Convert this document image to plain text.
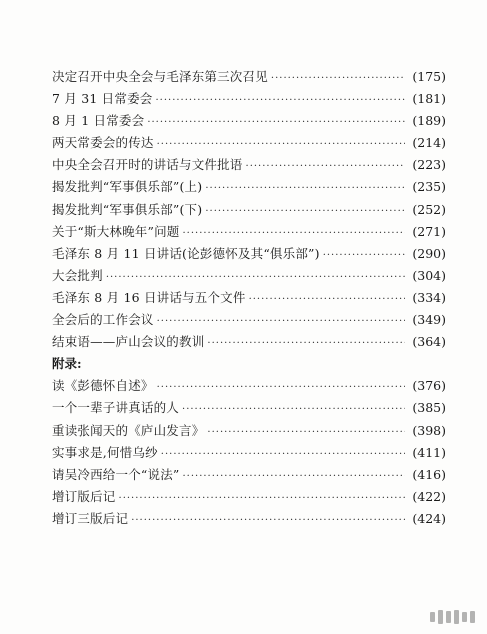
决定召开中央全会与毛泽东第三次召见 ·····	(175)
7 月 31 日常委会 ·····	(181)
8 月 1 日常委会 ·····	(189)
两天常委会的传达 ·····	(214)
中央全会召开时的讲话与文件批语 ·····	(223)
揭发批判“军事俱乐部”(上) ·····	(235)
揭发批判“军事俱乐部”(下) ·····	(252)
关于“斯大林晚年”问题 ·····	(271)
毛泽东 8 月 11 日讲话(论彭德怀及其“俱乐部”) ·····	(290)
大会批判 ·····	(304)
毛泽东 8 月 16 日讲话与五个文件 ·····	(334)
全会后的工作会议 ·····	(349)
结束语——庐山会议的教训 ·····	(364)
附录:
读《彭德怀自述》 ·····	(376)
一个一辈子讲真话的人 ·····	(385)
重读张闻天的《庐山发言》 ·····	(398)
实事求是,何惜乌纱 ·····	(411)
请吴冷西给一个“说法” ·····	(416)
增订版后记 ·····	(422)
增订三版后记 ·····	(424)
